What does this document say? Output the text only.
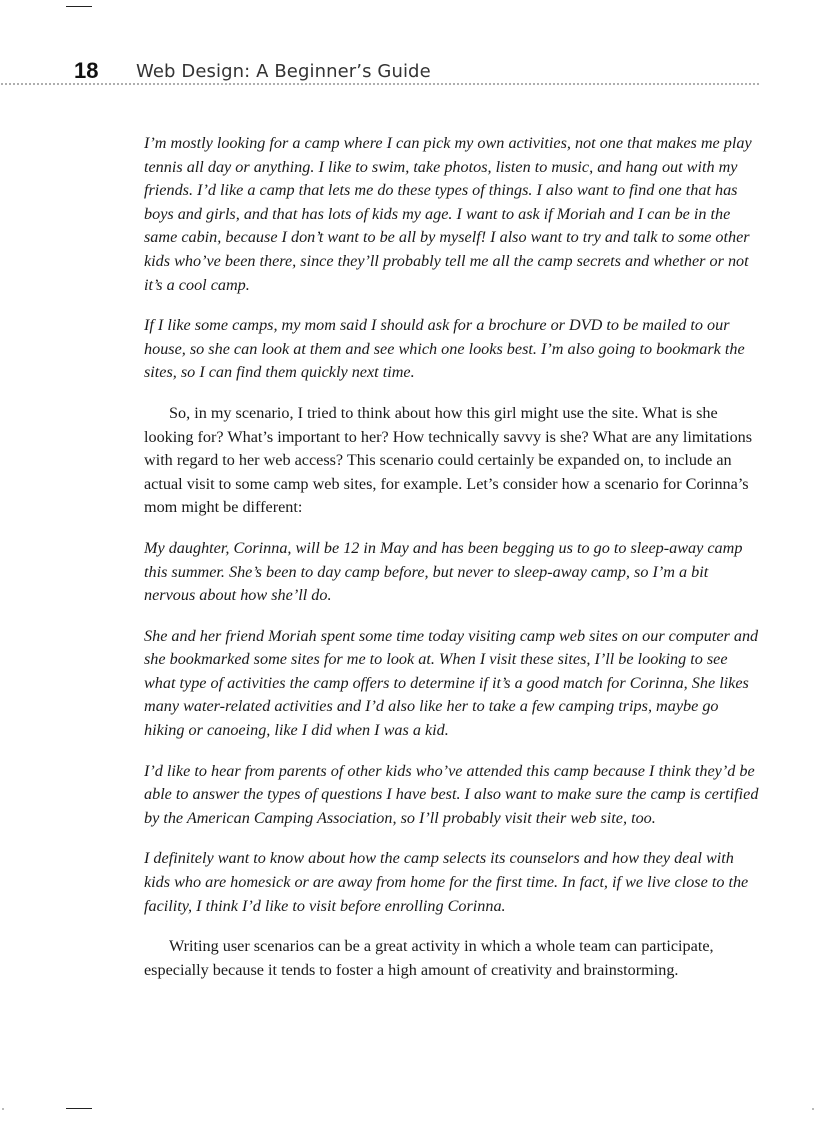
18 Web Design: A Beginner’s Guide

I’m mostly looking for a camp where I can pick my own activities, not one that makes me play tennis all day or anything. I like to swim, take photos, listen to music, and hang out with my friends. I’d like a camp that lets me do these types of things. I also want to find one that has boys and girls, and that has lots of kids my age. I want to ask if Moriah and I can be in the same cabin, because I don’t want to be all by myself! I also want to try and talk to some other kids who’ve been there, since they’ll probably tell me all the camp secrets and whether or not it’s a cool camp.

If I like some camps, my mom said I should ask for a brochure or DVD to be mailed to our house, so she can look at them and see which one looks best. I’m also going to bookmark the sites, so I can find them quickly next time.

So, in my scenario, I tried to think about how this girl might use the site. What is she looking for? What’s important to her? How technically savvy is she? What are any limitations with regard to her web access? This scenario could certainly be expanded on, to include an actual visit to some camp web sites, for example. Let’s consider how a scenario for Corinna’s mom might be different:

My daughter, Corinna, will be 12 in May and has been begging us to go to sleep-away camp this summer. She’s been to day camp before, but never to sleep-away camp, so I’m a bit nervous about how she’ll do.

She and her friend Moriah spent some time today visiting camp web sites on our computer and she bookmarked some sites for me to look at. When I visit these sites, I’ll be looking to see what type of activities the camp offers to determine if it’s a good match for Corinna, She likes many water-related activities and I’d also like her to take a few camping trips, maybe go hiking or canoeing, like I did when I was a kid.

I’d like to hear from parents of other kids who’ve attended this camp because I think they’d be able to answer the types of questions I have best. I also want to make sure the camp is certified by the American Camping Association, so I’ll probably visit their web site, too.

I definitely want to know about how the camp selects its counselors and how they deal with kids who are homesick or are away from home for the first time. In fact, if we live close to the facility, I think I’d like to visit before enrolling Corinna.

Writing user scenarios can be a great activity in which a whole team can participate, especially because it tends to foster a high amount of creativity and brainstorming.
